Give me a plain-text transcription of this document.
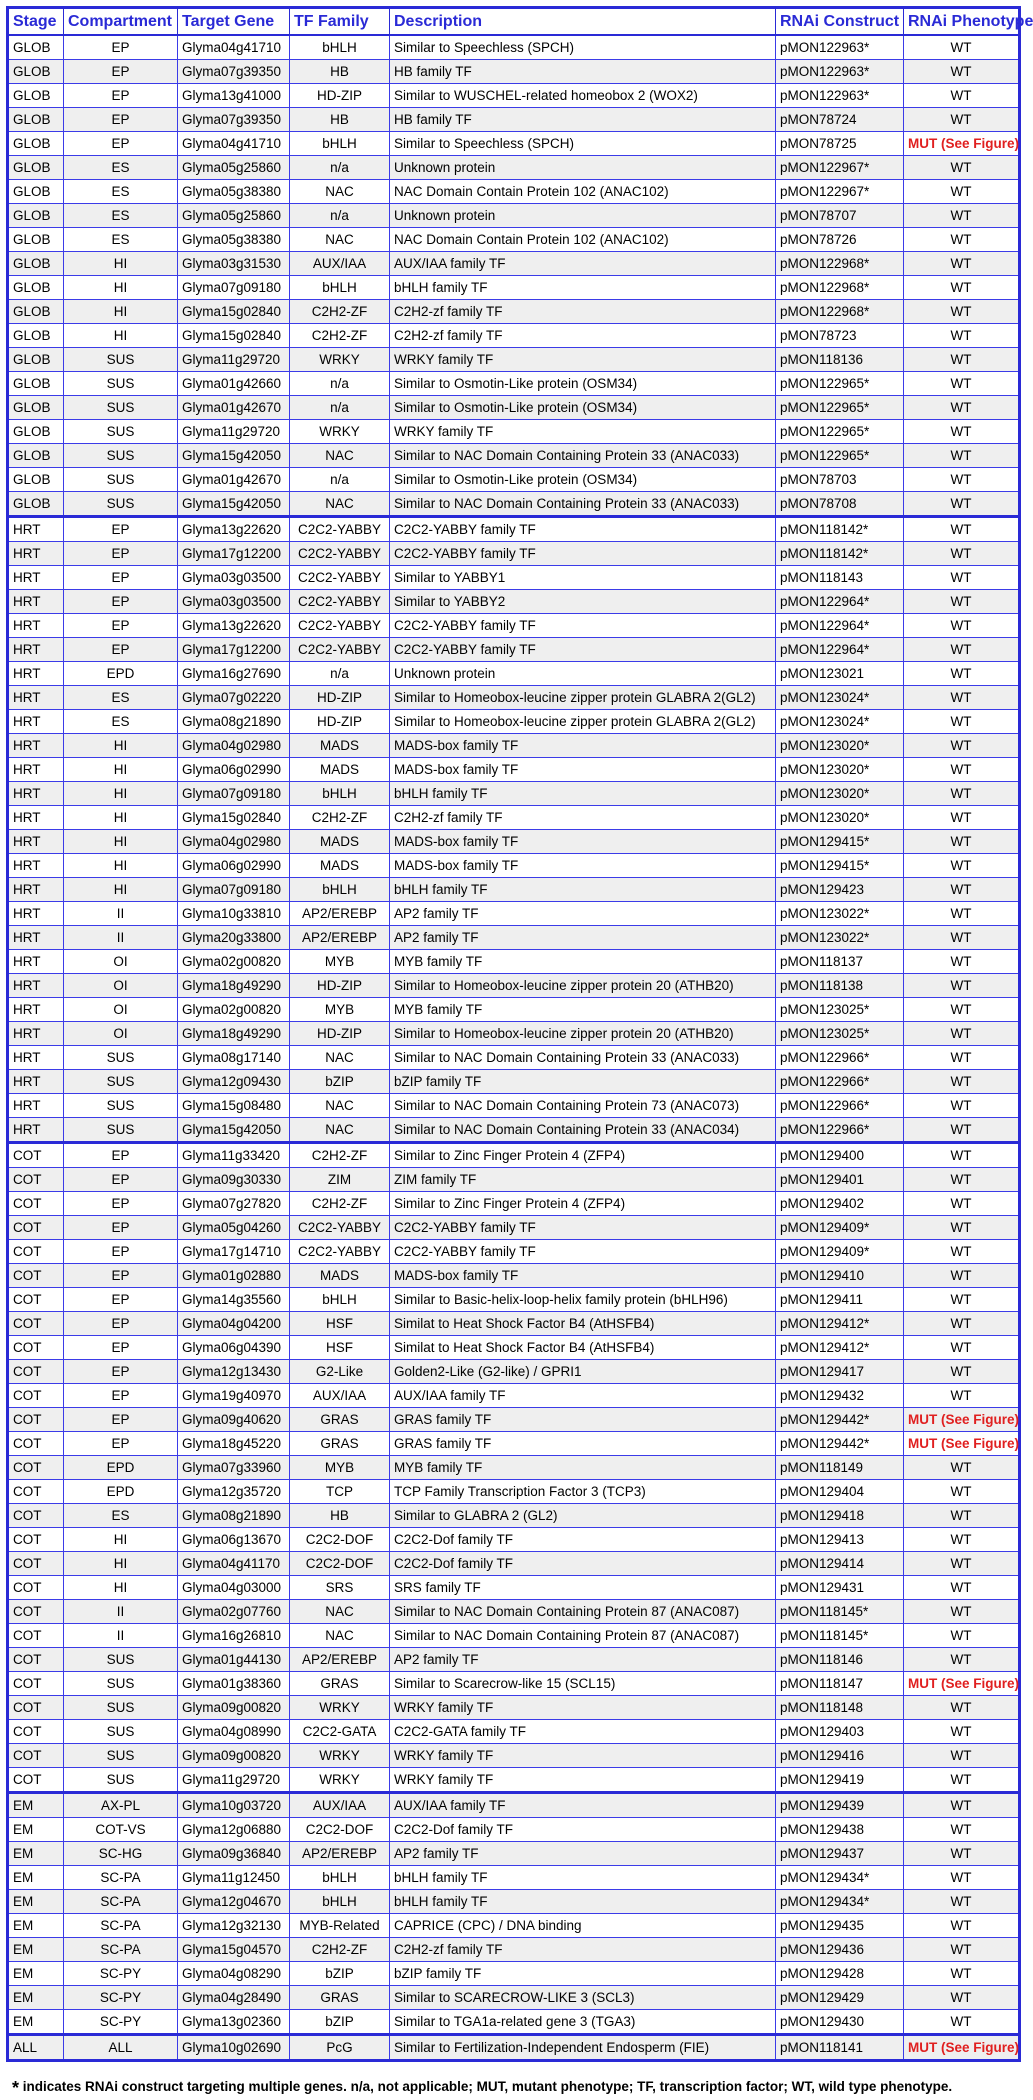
Stage	Compartment	Target Gene	TF Family	Description	RNAi Construct	RNAi Phenotype
GLOB	EP	Glyma04g41710	bHLH	Similar to Speechless (SPCH)	pMON122963*	WT
GLOB	EP	Glyma07g39350	HB	HB family TF	pMON122963*	WT
GLOB	EP	Glyma13g41000	HD-ZIP	Similar to WUSCHEL-related homeobox 2 (WOX2)	pMON122963*	WT
GLOB	EP	Glyma07g39350	HB	HB family TF	pMON78724	WT
GLOB	EP	Glyma04g41710	bHLH	Similar to Speechless (SPCH)	pMON78725	MUT (See Figure)
GLOB	ES	Glyma05g25860	n/a	Unknown protein	pMON122967*	WT
GLOB	ES	Glyma05g38380	NAC	NAC Domain Contain Protein 102 (ANAC102)	pMON122967*	WT
GLOB	ES	Glyma05g25860	n/a	Unknown protein	pMON78707	WT
GLOB	ES	Glyma05g38380	NAC	NAC Domain Contain Protein 102 (ANAC102)	pMON78726	WT
GLOB	HI	Glyma03g31530	AUX/IAA	AUX/IAA family TF	pMON122968*	WT
GLOB	HI	Glyma07g09180	bHLH	bHLH family TF	pMON122968*	WT
GLOB	HI	Glyma15g02840	C2H2-ZF	C2H2-zf family TF	pMON122968*	WT
GLOB	HI	Glyma15g02840	C2H2-ZF	C2H2-zf family TF	pMON78723	WT
GLOB	SUS	Glyma11g29720	WRKY	WRKY family TF	pMON118136	WT
GLOB	SUS	Glyma01g42660	n/a	Similar to Osmotin-Like protein (OSM34)	pMON122965*	WT
GLOB	SUS	Glyma01g42670	n/a	Similar to Osmotin-Like protein (OSM34)	pMON122965*	WT
GLOB	SUS	Glyma11g29720	WRKY	WRKY family TF	pMON122965*	WT
GLOB	SUS	Glyma15g42050	NAC	Similar to NAC Domain Containing Protein 33 (ANAC033)	pMON122965*	WT
GLOB	SUS	Glyma01g42670	n/a	Similar to Osmotin-Like protein (OSM34)	pMON78703	WT
GLOB	SUS	Glyma15g42050	NAC	Similar to NAC Domain Containing Protein 33 (ANAC033)	pMON78708	WT
HRT	EP	Glyma13g22620	C2C2-YABBY	C2C2-YABBY family TF	pMON118142*	WT
HRT	EP	Glyma17g12200	C2C2-YABBY	C2C2-YABBY family TF	pMON118142*	WT
HRT	EP	Glyma03g03500	C2C2-YABBY	Similar to YABBY1	pMON118143	WT
HRT	EP	Glyma03g03500	C2C2-YABBY	Similar to YABBY2	pMON122964*	WT
HRT	EP	Glyma13g22620	C2C2-YABBY	C2C2-YABBY family TF	pMON122964*	WT
HRT	EP	Glyma17g12200	C2C2-YABBY	C2C2-YABBY family TF	pMON122964*	WT
HRT	EPD	Glyma16g27690	n/a	Unknown protein	pMON123021	WT
HRT	ES	Glyma07g02220	HD-ZIP	Similar to Homeobox-leucine zipper protein GLABRA 2(GL2)	pMON123024*	WT
HRT	ES	Glyma08g21890	HD-ZIP	Similar to Homeobox-leucine zipper protein GLABRA 2(GL2)	pMON123024*	WT
HRT	HI	Glyma04g02980	MADS	MADS-box family TF	pMON123020*	WT
HRT	HI	Glyma06g02990	MADS	MADS-box family TF	pMON123020*	WT
HRT	HI	Glyma07g09180	bHLH	bHLH family TF	pMON123020*	WT
HRT	HI	Glyma15g02840	C2H2-ZF	C2H2-zf family TF	pMON123020*	WT
HRT	HI	Glyma04g02980	MADS	MADS-box family TF	pMON129415*	WT
HRT	HI	Glyma06g02990	MADS	MADS-box family TF	pMON129415*	WT
HRT	HI	Glyma07g09180	bHLH	bHLH family TF	pMON129423	WT
HRT	II	Glyma10g33810	AP2/EREBP	AP2 family TF	pMON123022*	WT
HRT	II	Glyma20g33800	AP2/EREBP	AP2 family TF	pMON123022*	WT
HRT	OI	Glyma02g00820	MYB	MYB family TF	pMON118137	WT
HRT	OI	Glyma18g49290	HD-ZIP	Similar to Homeobox-leucine zipper protein 20 (ATHB20)	pMON118138	WT
HRT	OI	Glyma02g00820	MYB	MYB family TF	pMON123025*	WT
HRT	OI	Glyma18g49290	HD-ZIP	Similar to Homeobox-leucine zipper protein 20 (ATHB20)	pMON123025*	WT
HRT	SUS	Glyma08g17140	NAC	Similar to NAC Domain Containing Protein 33 (ANAC033)	pMON122966*	WT
HRT	SUS	Glyma12g09430	bZIP	bZIP family TF	pMON122966*	WT
HRT	SUS	Glyma15g08480	NAC	Similar to NAC Domain Containing Protein 73 (ANAC073)	pMON122966*	WT
HRT	SUS	Glyma15g42050	NAC	Similar to NAC Domain Containing Protein 33 (ANAC034)	pMON122966*	WT
COT	EP	Glyma11g33420	C2H2-ZF	Similar to Zinc Finger Protein 4 (ZFP4)	pMON129400	WT
COT	EP	Glyma09g30330	ZIM	ZIM family TF	pMON129401	WT
COT	EP	Glyma07g27820	C2H2-ZF	Similar to Zinc Finger Protein 4 (ZFP4)	pMON129402	WT
COT	EP	Glyma05g04260	C2C2-YABBY	C2C2-YABBY family TF	pMON129409*	WT
COT	EP	Glyma17g14710	C2C2-YABBY	C2C2-YABBY family TF	pMON129409*	WT
COT	EP	Glyma01g02880	MADS	MADS-box family TF	pMON129410	WT
COT	EP	Glyma14g35560	bHLH	Similar to Basic-helix-loop-helix family protein (bHLH96)	pMON129411	WT
COT	EP	Glyma04g04200	HSF	Similat to Heat Shock Factor B4 (AtHSFB4)	pMON129412*	WT
COT	EP	Glyma06g04390	HSF	Similat to Heat Shock Factor B4 (AtHSFB4)	pMON129412*	WT
COT	EP	Glyma12g13430	G2-Like	Golden2-Like (G2-like) / GPRI1	pMON129417	WT
COT	EP	Glyma19g40970	AUX/IAA	AUX/IAA family TF	pMON129432	WT
COT	EP	Glyma09g40620	GRAS	GRAS family TF	pMON129442*	MUT (See Figure)
COT	EP	Glyma18g45220	GRAS	GRAS family TF	pMON129442*	MUT (See Figure)
COT	EPD	Glyma07g33960	MYB	MYB family TF	pMON118149	WT
COT	EPD	Glyma12g35720	TCP	TCP Family Transcription Factor 3 (TCP3)	pMON129404	WT
COT	ES	Glyma08g21890	HB	Similar to GLABRA 2 (GL2)	pMON129418	WT
COT	HI	Glyma06g13670	C2C2-DOF	C2C2-Dof family TF	pMON129413	WT
COT	HI	Glyma04g41170	C2C2-DOF	C2C2-Dof family TF	pMON129414	WT
COT	HI	Glyma04g03000	SRS	SRS family TF	pMON129431	WT
COT	II	Glyma02g07760	NAC	Similar to NAC Domain Containing Protein 87 (ANAC087)	pMON118145*	WT
COT	II	Glyma16g26810	NAC	Similar to NAC Domain Containing Protein 87 (ANAC087)	pMON118145*	WT
COT	SUS	Glyma01g44130	AP2/EREBP	AP2 family TF	pMON118146	WT
COT	SUS	Glyma01g38360	GRAS	Similar to Scarecrow-like 15 (SCL15)	pMON118147	MUT (See Figure)
COT	SUS	Glyma09g00820	WRKY	WRKY family TF	pMON118148	WT
COT	SUS	Glyma04g08990	C2C2-GATA	C2C2-GATA family TF	pMON129403	WT
COT	SUS	Glyma09g00820	WRKY	WRKY family TF	pMON129416	WT
COT	SUS	Glyma11g29720	WRKY	WRKY family TF	pMON129419	WT
EM	AX-PL	Glyma10g03720	AUX/IAA	AUX/IAA family TF	pMON129439	WT
EM	COT-VS	Glyma12g06880	C2C2-DOF	C2C2-Dof family TF	pMON129438	WT
EM	SC-HG	Glyma09g36840	AP2/EREBP	AP2 family TF	pMON129437	WT
EM	SC-PA	Glyma11g12450	bHLH	bHLH family TF	pMON129434*	WT
EM	SC-PA	Glyma12g04670	bHLH	bHLH family TF	pMON129434*	WT
EM	SC-PA	Glyma12g32130	MYB-Related	CAPRICE (CPC) / DNA binding	pMON129435	WT
EM	SC-PA	Glyma15g04570	C2H2-ZF	C2H2-zf family TF	pMON129436	WT
EM	SC-PY	Glyma04g08290	bZIP	bZIP family TF	pMON129428	WT
EM	SC-PY	Glyma04g28490	GRAS	Similar to SCARECROW-LIKE 3 (SCL3)	pMON129429	WT
EM	SC-PY	Glyma13g02360	bZIP	Similar to TGA1a-related gene 3 (TGA3)	pMON129430	WT
ALL	ALL	Glyma10g02690	PcG	Similar to Fertilization-Independent Endosperm (FIE)	pMON118141	MUT (See Figure)
* indicates RNAi construct targeting multiple genes. n/a, not applicable; MUT, mutant phenotype; TF, transcription factor; WT, wild type phenotype.
